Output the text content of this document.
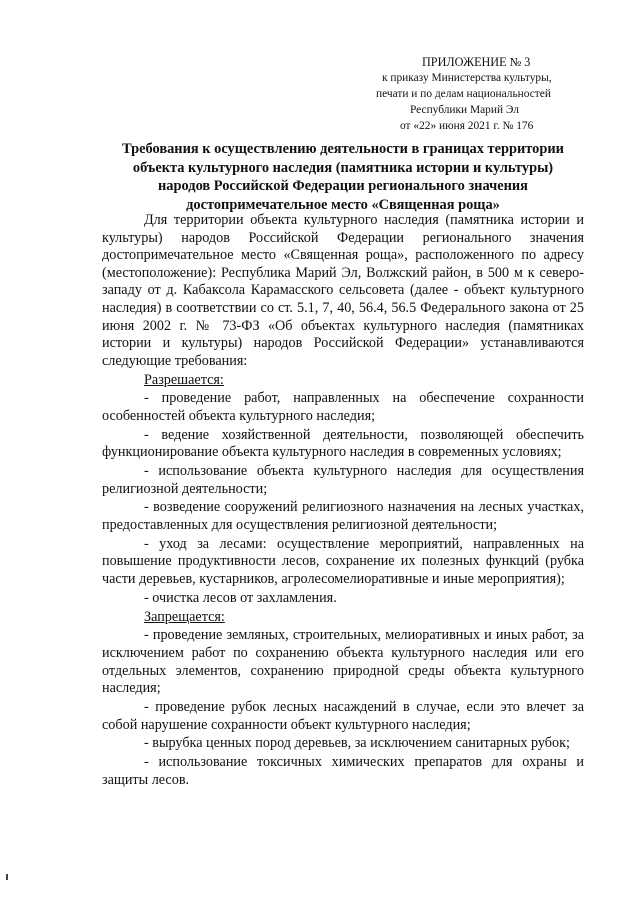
ПРИЛОЖЕНИЕ № 3
к приказу Министерства культуры,
печати и по делам национальностей
Республики Марий Эл
от «22» июня 2021 г. № 176
Требования к осуществлению деятельности в границах территории
объекта культурного наследия (памятника истории и культуры)
народов Российской Федерации регионального значения
достопримечательное место «Священная роща»

Для территории объекта культурного наследия (памятника истории и культуры) народов Российской Федерации регионального значения достопримечательное место «Священная роща», расположенного по адресу (местоположение): Республика Марий Эл, Волжский район, в 500 м к северо-западу от д. Кабаксола Карамасского сельсовета (далее - объект культурного наследия) в соответствии со ст. 5.1, 7, 40, 56.4, 56.5 Федерального закона от 25 июня 2002 г. № 73-ФЗ «Об объектах культурного наследия (памятниках истории и культуры) народов Российской Федерации» устанавливаются следующие требования:

Разрешается:

- проведение работ, направленных на обеспечение сохранности особенностей объекта культурного наследия;

- ведение хозяйственной деятельности, позволяющей обеспечить функционирование объекта культурного наследия в современных условиях;

- использование объекта культурного наследия для осуществления религиозной деятельности;

- возведение сооружений религиозного назначения на лесных участках, предоставленных для осуществления религиозной деятельности;

- уход за лесами: осуществление мероприятий, направленных на повышение продуктивности лесов, сохранение их полезных функций (рубка части деревьев, кустарников, агролесомелиоративные и иные мероприятия);

- очистка лесов от захламления.

Запрещается:

- проведение земляных, строительных, мелиоративных и иных работ, за исключением работ по сохранению объекта культурного наследия или его отдельных элементов, сохранению природной среды объекта культурного наследия;

- проведение рубок лесных насаждений в случае, если это влечет за собой нарушение сохранности объект культурного наследия;

- вырубка ценных пород деревьев, за исключением санитарных рубок;

- использование токсичных химических препаратов для охраны и защиты лесов.
